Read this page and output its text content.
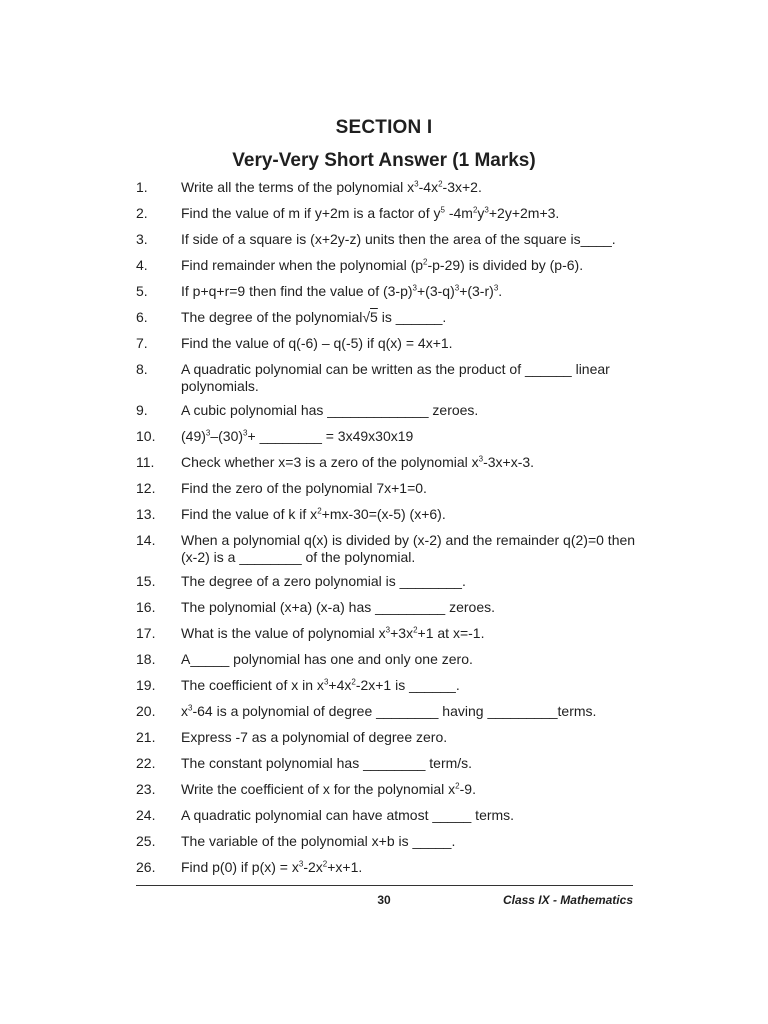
SECTION I
Very-Very Short Answer (1 Marks)
1. Write all the terms of the polynomial $x^3-4x^2-3x+2$.
2. Find the value of m if y+2m is a factor of $y^5$ $-4m^2y^3+2y+2m+3$.
3. If side of a square is (x+2y-z) units then the area of the square is____.
4. Find remainder when the polynomial $(p^2-p-29)$ is divided by (p-6).
5. If p+q+r=9 then find the value of $(3-p)^3+(3-q)^3+(3-r)^3$.
6. The degree of the polynomial√5 is ______.
7. Find the value of q(-6) – q(-5) if q(x) = 4x+1.
8. A quadratic polynomial can be written as the product of ______ linear polynomials.
9. A cubic polynomial has _____________ zeroes.
10. $(49)^3-(30)^3+$ ________ = 3x49x30x19
11. Check whether x=3 is a zero of the polynomial $x^3-3x+x-3$.
12. Find the zero of the polynomial 7x+1=0.
13. Find the value of k if $x^2+mx-30=(x-5)$ (x+6).
14. When a polynomial q(x) is divided by (x-2) and the remainder q(2)=0 then (x-2) is a ________ of the polynomial.
15. The degree of a zero polynomial is ________.
16. The polynomial (x+a) (x-a) has _________ zeroes.
17. What is the value of polynomial $x^3+3x^2+1$ at x=-1.
18. A_____ polynomial has one and only one zero.
19. The coefficient of x in $x^3+4x^2-2x+1$ is ______.
20. $x^3-64$ is a polynomial of degree ________ having _________terms.
21. Express -7 as a polynomial of degree zero.
22. The constant polynomial has ________ term/s.
23. Write the coefficient of x for the polynomial $x^2-9$.
24. A quadratic polynomial can have atmost _____ terms.
25. The variable of the polynomial x+b is _____.
26. Find p(0) if $p(x) = x^3-2x^2+x+1$.
30	Class IX - Mathematics
